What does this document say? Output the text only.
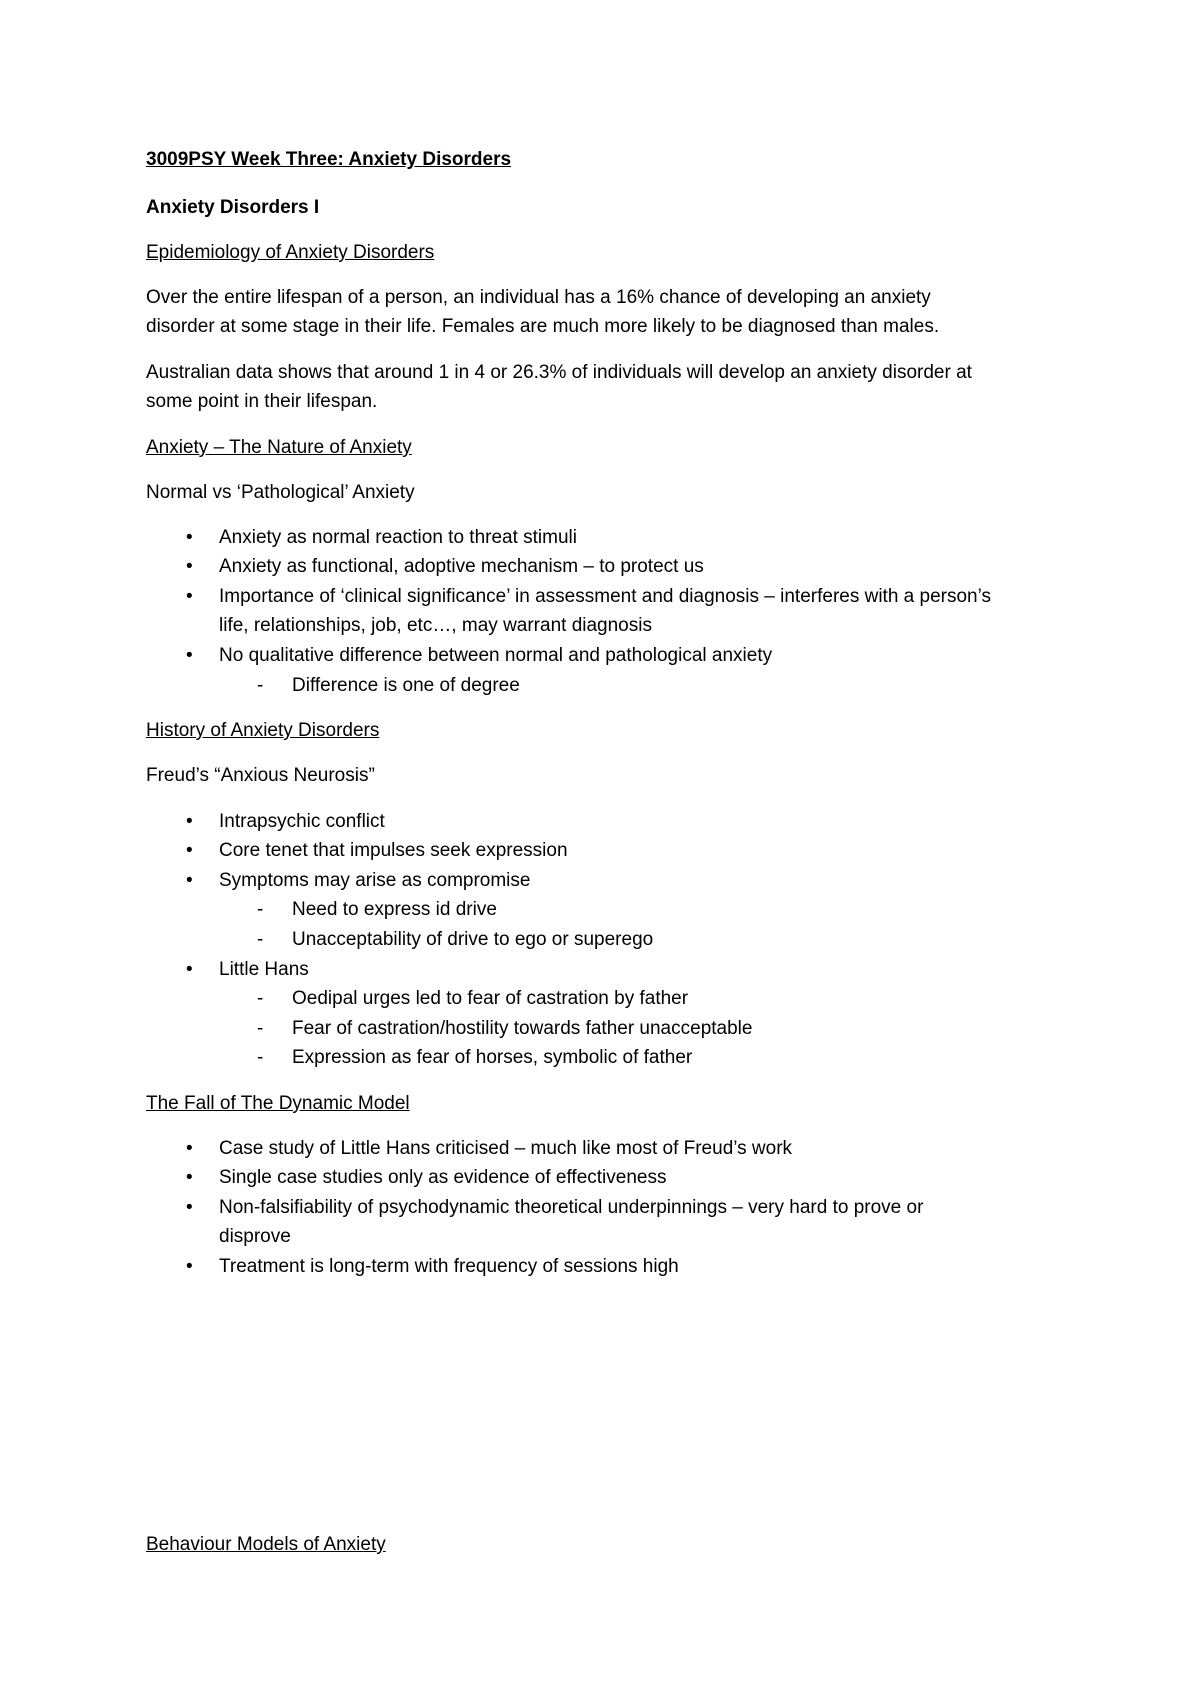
3009PSY Week Three: Anxiety Disorders
Anxiety Disorders I
Epidemiology of Anxiety Disorders
Over the entire lifespan of a person, an individual has a 16% chance of developing an anxiety
disorder at some stage in their life. Females are much more likely to be diagnosed than males.
Australian data shows that around 1 in 4 or 26.3% of individuals will develop an anxiety disorder at
some point in their lifespan.
Anxiety – The Nature of Anxiety
Normal vs ‘Pathological’ Anxiety
• Anxiety as normal reaction to threat stimuli
• Anxiety as functional, adoptive mechanism – to protect us
• Importance of ‘clinical significance’ in assessment and diagnosis – interferes with a person’s
life, relationships, job, etc…, may warrant diagnosis
• No qualitative difference between normal and pathological anxiety
- Difference is one of degree
History of Anxiety Disorders
Freud’s “Anxious Neurosis”
• Intrapsychic conflict
• Core tenet that impulses seek expression
• Symptoms may arise as compromise
- Need to express id drive
- Unacceptability of drive to ego or superego
• Little Hans
- Oedipal urges led to fear of castration by father
- Fear of castration/hostility towards father unacceptable
- Expression as fear of horses, symbolic of father
The Fall of The Dynamic Model
• Case study of Little Hans criticised – much like most of Freud’s work
• Single case studies only as evidence of effectiveness
• Non-falsifiability of psychodynamic theoretical underpinnings – very hard to prove or
disprove
• Treatment is long-term with frequency of sessions high
Behaviour Models of Anxiety
